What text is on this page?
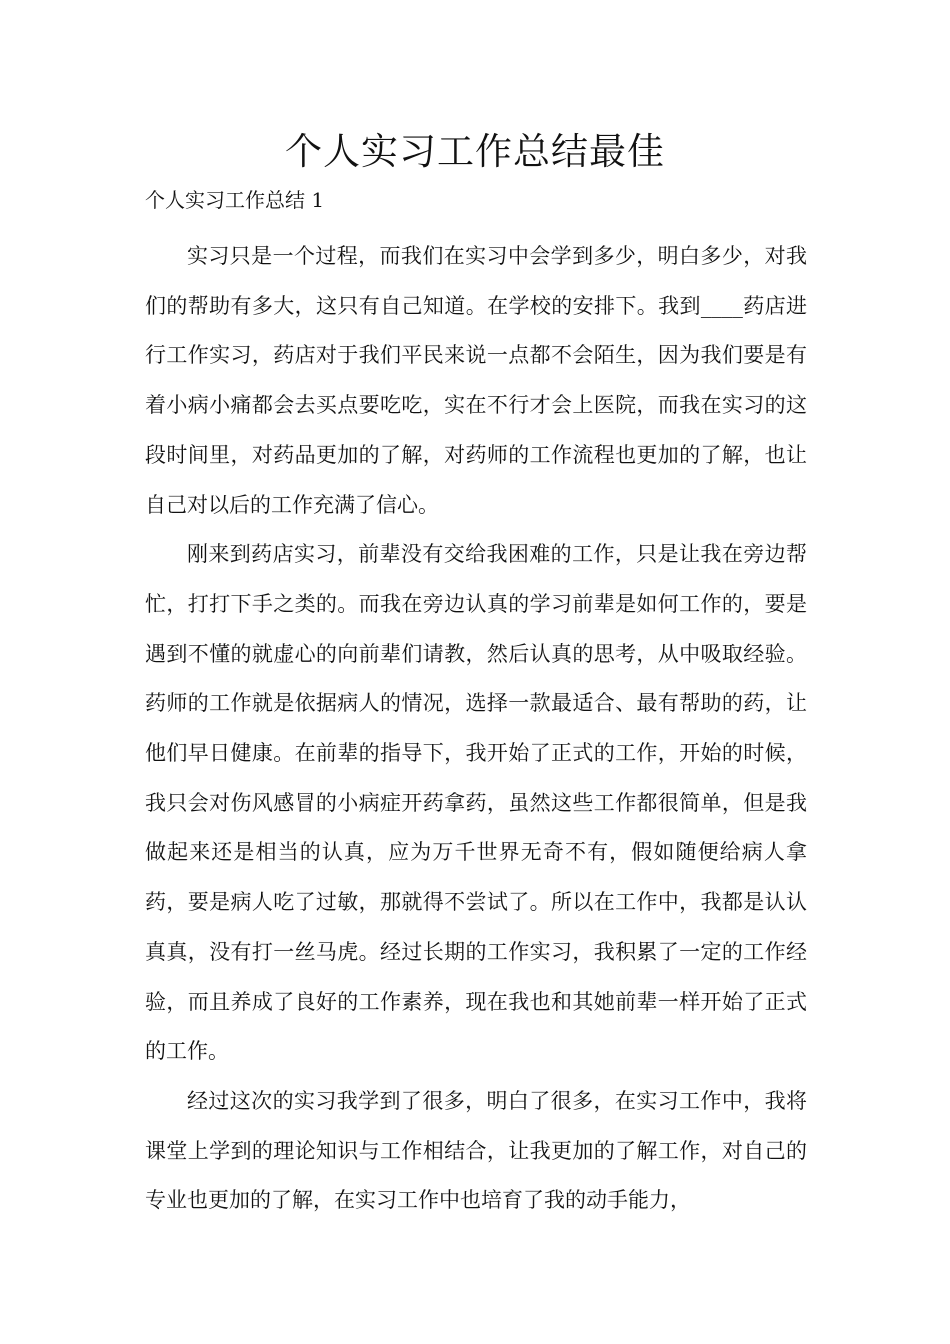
个人实习工作总结最佳

个人实习工作总结 1

实习只是一个过程，而我们在实习中会学到多少，明白多少，对我们的帮助有多大，这只有自己知道。在学校的安排下。我到____药店进行工作实习，药店对于我们平民来说一点都不会陌生，因为我们要是有着小病小痛都会去买点要吃吃，实在不行才会上医院，而我在实习的这段时间里，对药品更加的了解，对药师的工作流程也更加的了解，也让自己对以后的工作充满了信心。

刚来到药店实习，前辈没有交给我困难的工作，只是让我在旁边帮忙，打打下手之类的。而我在旁边认真的学习前辈是如何工作的，要是遇到不懂的就虚心的向前辈们请教，然后认真的思考，从中吸取经验。药师的工作就是依据病人的情况，选择一款最适合、最有帮助的药，让他们早日健康。在前辈的指导下，我开始了正式的工作，开始的时候，我只会对伤风感冒的小病症开药拿药，虽然这些工作都很简单，但是我做起来还是相当的认真，应为万千世界无奇不有，假如随便给病人拿药，要是病人吃了过敏，那就得不尝试了。所以在工作中，我都是认认真真，没有打一丝马虎。经过长期的工作实习，我积累了一定的工作经验，而且养成了良好的工作素养，现在我也和其她前辈一样开始了正式的工作。

经过这次的实习我学到了很多，明白了很多，在实习工作中，我将课堂上学到的理论知识与工作相结合，让我更加的了解工作，对自己的专业也更加的了解，在实习工作中也培育了我的动手能力，
